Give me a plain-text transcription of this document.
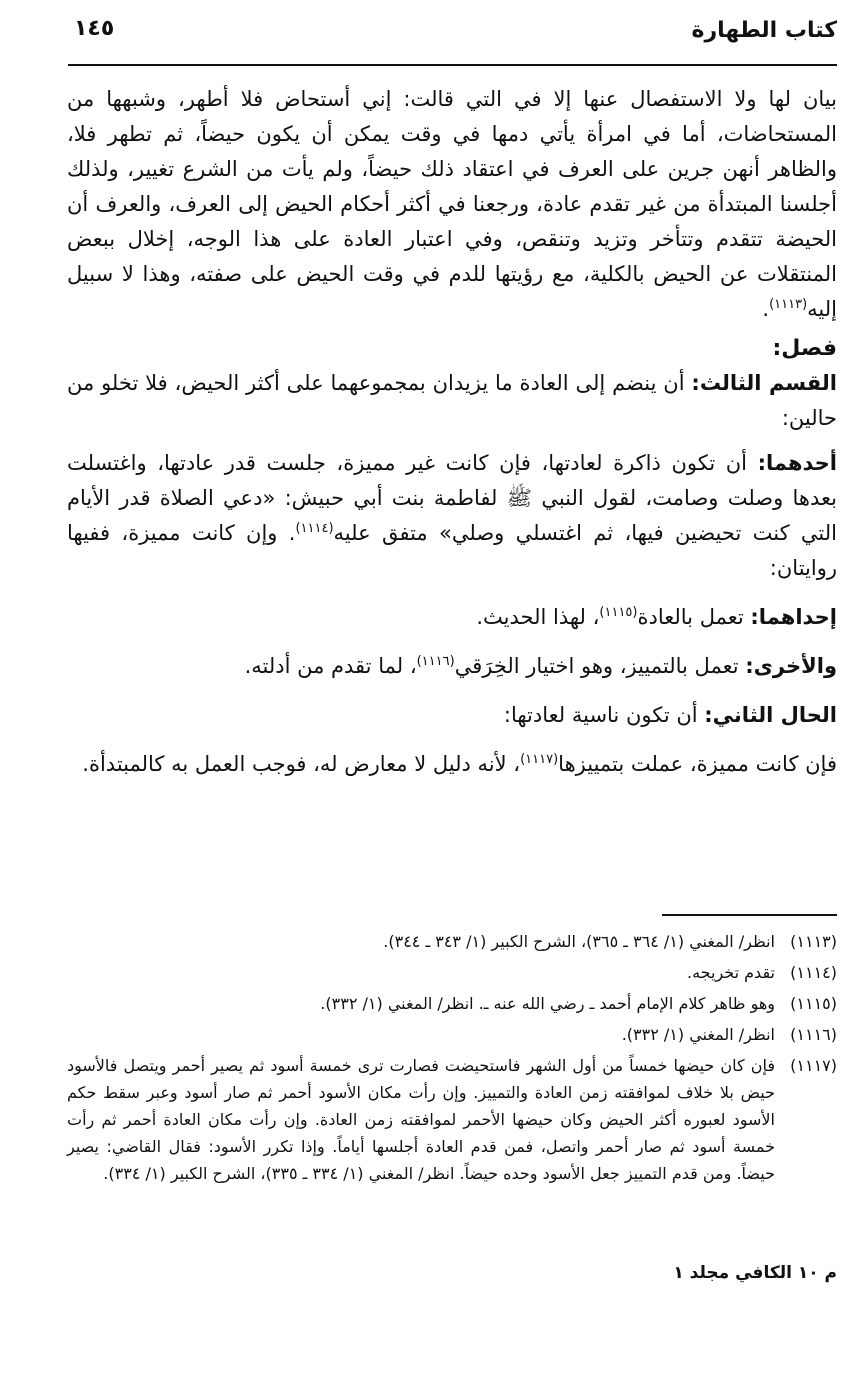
كتاب الطهارة
١٤٥

بيان لها ولا الاستفصال عنها إلا في التي قالت: إني أستحاض فلا أطهر، وشبهها من المستحاضات، أما في امرأة يأتي دمها في وقت يمكن أن يكون حيضاً، ثم تطهر فلا، والظاهر أنهن جرين على العرف في اعتقاد ذلك حيضاً، ولم يأت من الشرع تغيير، ولذلك أجلسنا المبتدأة من غير تقدم عادة، ورجعنا في أكثر أحكام الحيض إلى العرف، والعرف أن الحيضة تتقدم وتتأخر وتزيد وتنقص، وفي اعتبار العادة على هذا الوجه، إخلال ببعض المنتقلات عن الحيض بالكلية، مع رؤيتها للدم في وقت الحيض على صفته، وهذا لا سبيل إليه$^{(١١١٣)}$.

فصل:

القسم الثالث: أن ينضم إلى العادة ما يزيدان بمجموعهما على أكثر الحيض، فلا تخلو من حالين:

أحدهما: أن تكون ذاكرة لعادتها، فإن كانت غير مميزة، جلست قدر عادتها، واغتسلت بعدها وصلت وصامت، لقول النبي ﷺ لفاطمة بنت أبي حبيش: «دعي الصلاة قدر الأيام التي كنت تحيضين فيها، ثم اغتسلي وصلي» متفق عليه$^{(١١١٤)}$. وإن كانت مميزة، ففيها روايتان:

إحداهما: تعمل بالعادة$^{(١١١٥)}$، لهذا الحديث.

والأخرى: تعمل بالتمييز، وهو اختيار الخِرَقي$^{(١١١٦)}$، لما تقدم من أدلته.

الحال الثاني: أن تكون ناسية لعادتها:

فإن كانت مميزة، عملت بتمييزها$^{(١١١٧)}$، لأنه دليل لا معارض له، فوجب العمل به كالمبتدأة.

(١١١٣)
انظر/ المغني (١/ ٣٦٤ ـ ٣٦٥)، الشرح الكبير (١/ ٣٤٣ ـ ٣٤٤).
(١١١٤)
تقدم تخريجه.
(١١١٥)
وهو ظاهر كلام الإمام أحمد ـ رضي الله عنه ـ. انظر/ المغني (١/ ٣٣٢).
(١١١٦)
انظر/ المغني (١/ ٣٣٢).
(١١١٧)
فإن كان حيضها خمساً من أول الشهر فاستحيضت فصارت ترى خمسة أسود ثم يصير أحمر ويتصل فالأسود حيض بلا خلاف لموافقته زمن العادة والتمييز. وإن رأت مكان الأسود أحمر ثم صار أسود وعبر سقط حكم الأسود لعبوره أكثر الحيض وكان حيضها الأحمر لموافقته زمن العادة. وإن رأت مكان العادة أحمر ثم رأت خمسة أسود ثم صار أحمر واتصل، فمن قدم العادة أجلسها أياماً. وإذا تكرر الأسود: فقال القاضي: يصير حيضاً. ومن قدم التمييز جعل الأسود وحده حيضاً. انظر/ المغني (١/ ٣٣٤ ـ ٣٣٥)، الشرح الكبير (١/ ٣٣٤).
م ١٠ الكافي مجلد ١
